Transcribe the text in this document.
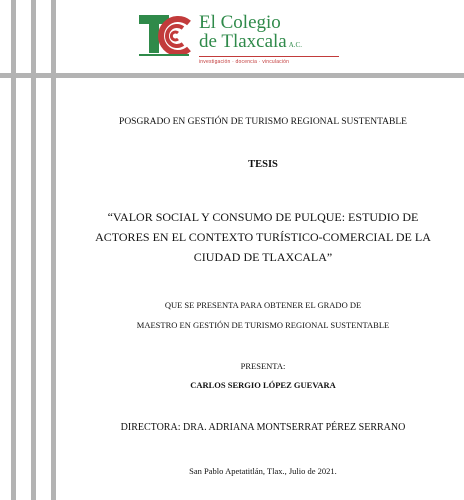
El Colegio
de Tlaxcala A.C.
investigación · docencia · vinculación
POSGRADO EN GESTIÓN DE TURISMO REGIONAL SUSTENTABLE
TESIS
“VALOR SOCIAL Y CONSUMO DE PULQUE: ESTUDIO DE
ACTORES EN EL CONTEXTO TURÍSTICO-COMERCIAL DE LA
CIUDAD DE TLAXCALA”
QUE SE PRESENTA PARA OBTENER EL GRADO DE
MAESTRO EN GESTIÓN DE TURISMO REGIONAL SUSTENTABLE
PRESENTA:
CARLOS SERGIO LÓPEZ GUEVARA
DIRECTORA: DRA. ADRIANA MONTSERRAT PÉREZ SERRANO
San Pablo Apetatitlán, Tlax., Julio de 2021.
